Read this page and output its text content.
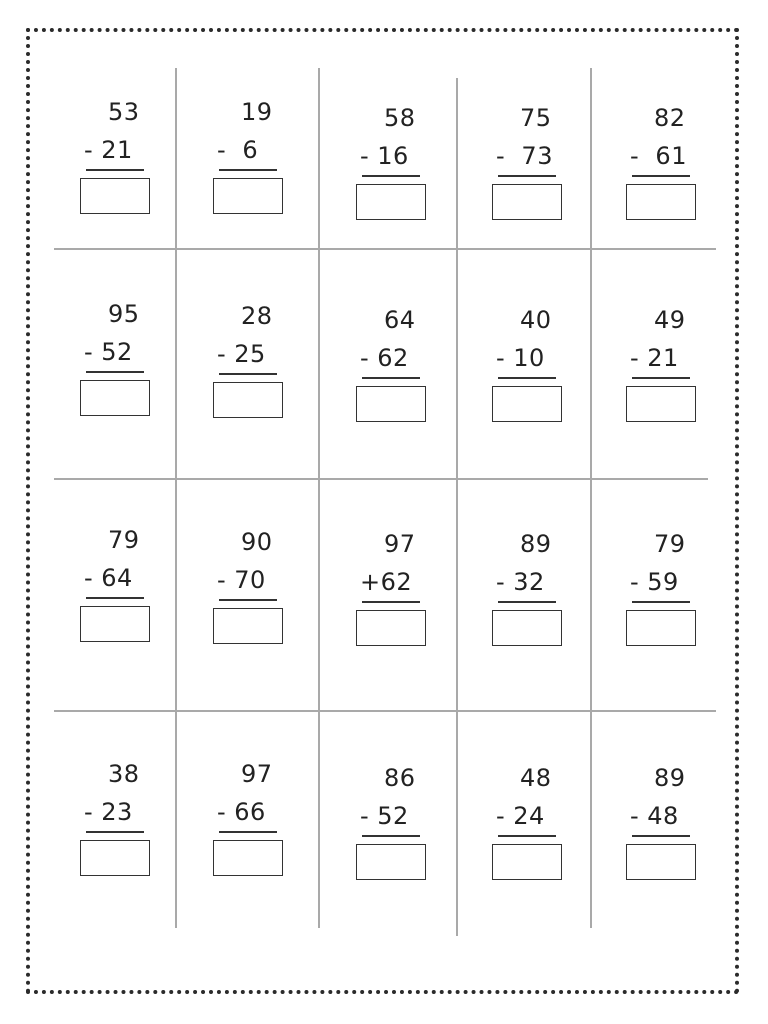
53
- 21
19
-  6
58
- 16
75
-  73
82
-  61
95
- 52
28
- 25
64
- 62
40
- 10
49
- 21
79
- 64
90
- 70
97
+62
89
- 32
79
- 59
38
- 23
97
- 66
86
- 52
48
- 24
89
- 48
